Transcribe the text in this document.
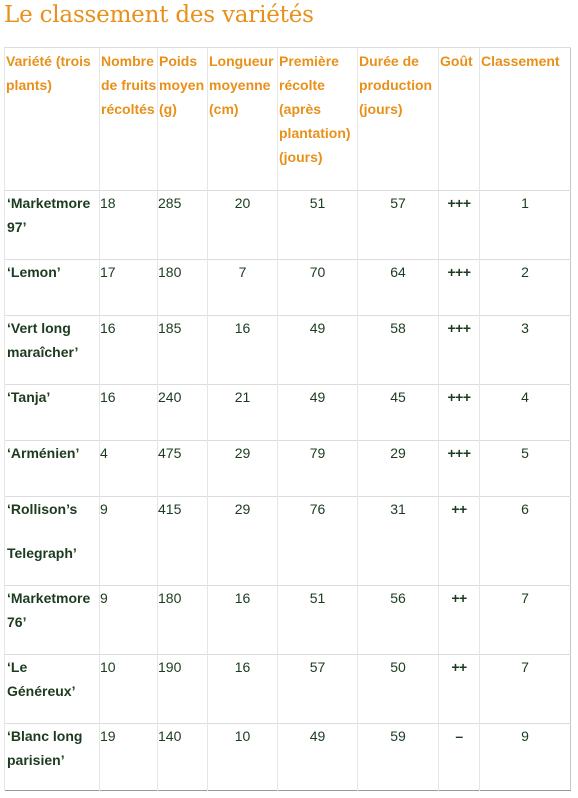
Le classement des variétés
Variété (trois plants)	Nombre de fruits récoltés	Poids moyen (g)	Longueur moyenne (cm)	Première récolte (après plantation) (jours)	Durée de production (jours)	Goût	Classement
‘Marketmore 97’	18	285	20	51	57	+++	1
‘Lemon’	17	180	7	70	64	+++	2
‘Vert long maraîcher’	16	185	16	49	58	+++	3
‘Tanja’	16	240	21	49	45	+++	4
‘Arménien’	4	475	29	79	29	+++	5
‘Rollison’s
Telegraph’	9	415	29	76	31	++	6
‘Marketmore 76’	9	180	16	51	56	++	7
‘Le Généreux’	10	190	16	57	50	++	7
‘Blanc long parisien’	19	140	10	49	59	–	9
